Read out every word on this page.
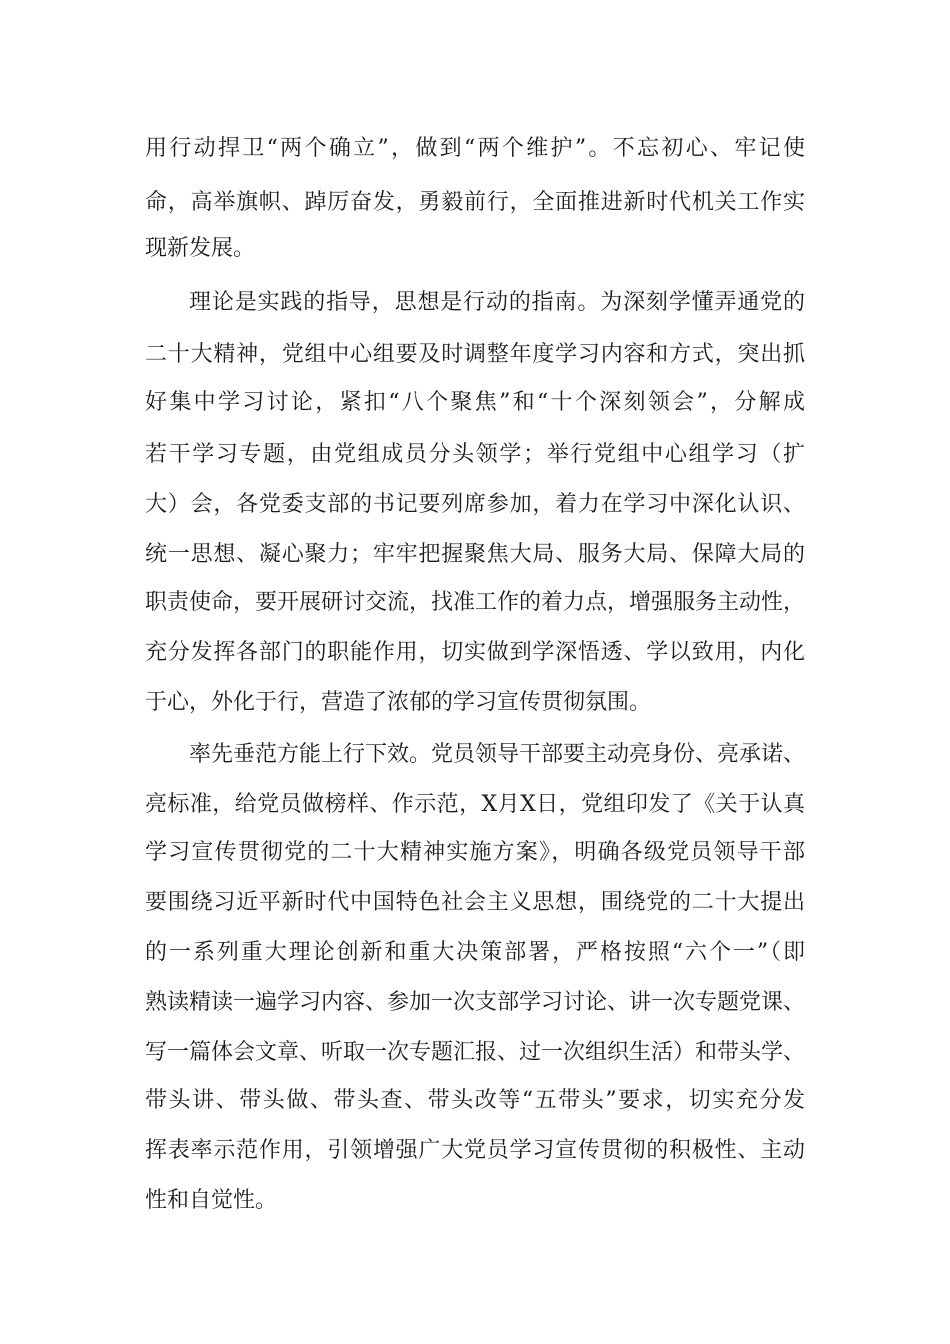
用行动捍卫“两个确立”，做到“两个维护”。不忘初心、牢记使
命，高举旗帜、踔厉奋发，勇毅前行，全面推进新时代机关工作实
现新发展。
理论是实践的指导，思想是行动的指南。为深刻学懂弄通党的
二十大精神，党组中心组要及时调整年度学习内容和方式，突出抓
好集中学习讨论，紧扣“八个聚焦”和“十个深刻领会”，分解成
若干学习专题，由党组成员分头领学；举行党组中心组学习（扩
大）会，各党委支部的书记要列席参加，着力在学习中深化认识、
统一思想、凝心聚力；牢牢把握聚焦大局、服务大局、保障大局的
职责使命，要开展研讨交流，找准工作的着力点，增强服务主动性，
充分发挥各部门的职能作用，切实做到学深悟透、学以致用，内化
于心，外化于行，营造了浓郁的学习宣传贯彻氛围。
率先垂范方能上行下效。党员领导干部要主动亮身份、亮承诺、
亮标准，给党员做榜样、作示范，X月X日，党组印发了《关于认真
学习宣传贯彻党的二十大精神实施方案》，明确各级党员领导干部
要围绕习近平新时代中国特色社会主义思想，围绕党的二十大提出
的一系列重大理论创新和重大决策部署，严格按照“六个一”（即
熟读精读一遍学习内容、参加一次支部学习讨论、讲一次专题党课、
写一篇体会文章、听取一次专题汇报、过一次组织生活）和带头学、
带头讲、带头做、带头查、带头改等“五带头”要求，切实充分发
挥表率示范作用，引领增强广大党员学习宣传贯彻的积极性、主动
性和自觉性。
